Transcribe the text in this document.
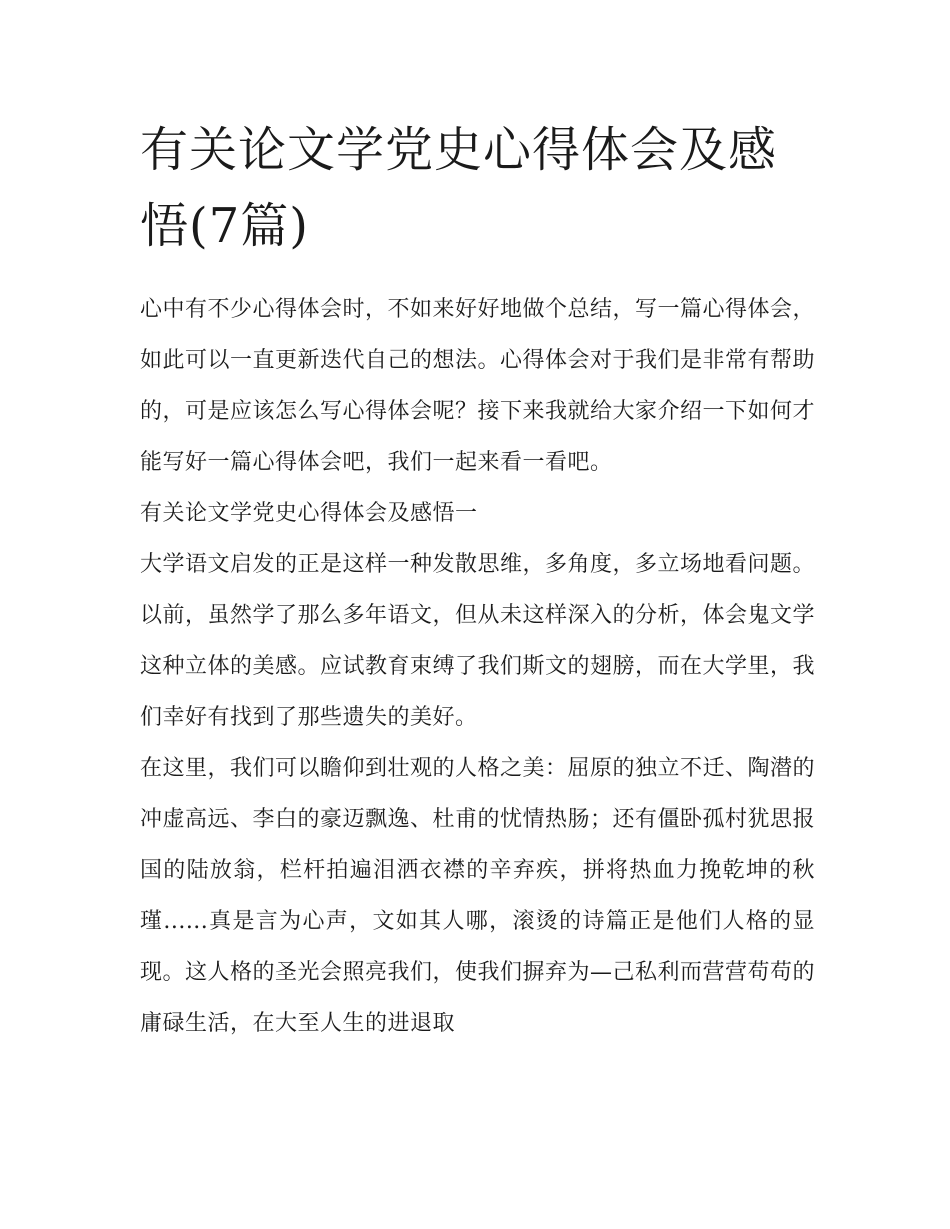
有关论文学党史心得体会及感悟(7篇)

心中有不少心得体会时，不如来好好地做个总结，写一篇心得体会，如此可以一直更新迭代自己的想法。心得体会对于我们是非常有帮助的，可是应该怎么写心得体会呢？接下来我就给大家介绍一下如何才能写好一篇心得体会吧，我们一起来看一看吧。

有关论文学党史心得体会及感悟一

大学语文启发的正是这样一种发散思维，多角度，多立场地看问题。以前，虽然学了那么多年语文，但从未这样深入的分析，体会鬼文学这种立体的美感。应试教育束缚了我们斯文的翅膀，而在大学里，我们幸好有找到了那些遗失的美好。

在这里，我们可以瞻仰到壮观的人格之美：屈原的独立不迁、陶潜的冲虚高远、李白的豪迈飘逸、杜甫的忧情热肠；还有僵卧孤村犹思报国的陆放翁，栏杆拍遍泪洒衣襟的辛弃疾，拼将热血力挽乾坤的秋瑾......真是言为心声，文如其人哪，滚烫的诗篇正是他们人格的显现。这人格的圣光会照亮我们，使我们摒弃为—己私利而营营苟苟的庸碌生活，在大至人生的进退取
